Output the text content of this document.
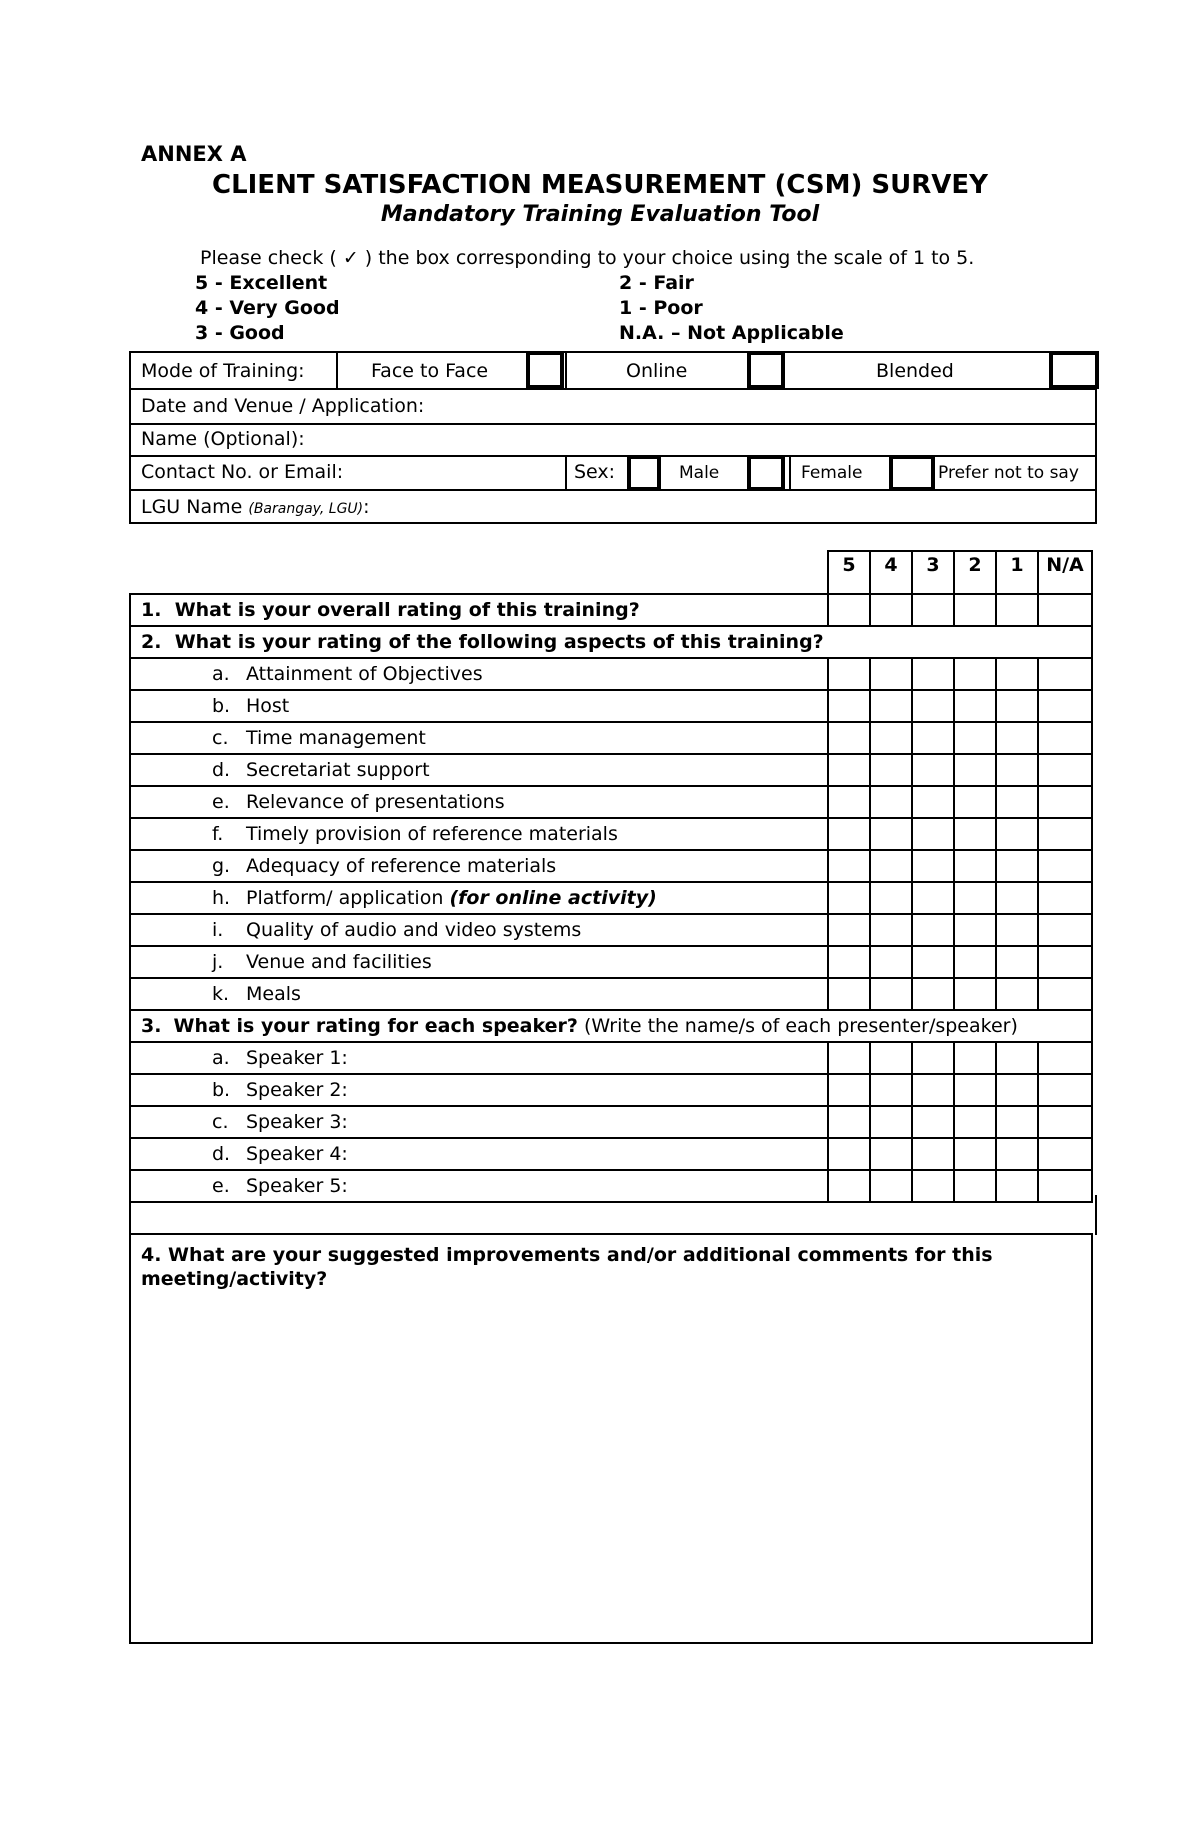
ANNEX A
CLIENT SATISFACTION MEASUREMENT (CSM) SURVEY
Mandatory Training Evaluation Tool
Please check ( ✓ ) the box corresponding to your choice using the scale of 1 to 5.
5 - Excellent
4 - Very Good
3 - Good
2 - Fair
1 - Poor
N.A. – Not Applicable
Mode of Training:	Face to Face	Online	Blended
Date and Venue / Application:
Name (Optional):
Contact No. or Email:	Sex:	Male	Female	Prefer not to say
LGU Name (Barangay, LGU):
	5	4	3	2	1	N/A
1. What is your overall rating of this training?						
2. What is your rating of the following aspects of this training?						
a. Attainment of Objectives						
b. Host						
c. Time management						
d. Secretariat support						
e. Relevance of presentations						
f. Timely provision of reference materials						
g. Adequacy of reference materials						
h. Platform/ application (for online activity)						
i. Quality of audio and video systems						
j. Venue and facilities						
k. Meals						
3. What is your rating for each speaker? (Write the name/s of each presenter/speaker)						
a. Speaker 1:						
b. Speaker 2:						
c. Speaker 3:						
d. Speaker 4:						
e. Speaker 5:						
4. What are your suggested improvements and/or additional comments for this meeting/activity?
